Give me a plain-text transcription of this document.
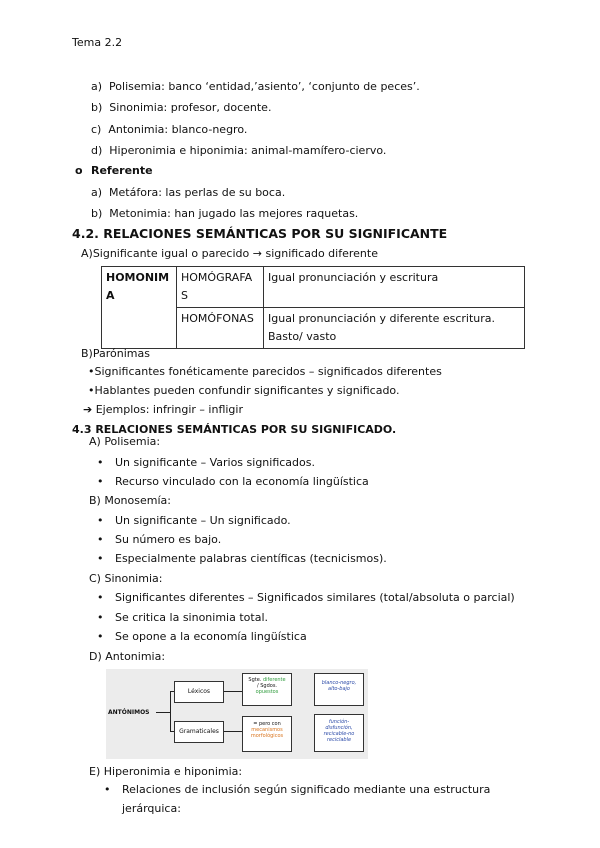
Tema 2.2
a) Polisemia: banco ‘entidad,’asiento’, ‘conjunto de peces’.
b) Sinonimia: profesor, docente.
c) Antonimia: blanco-negro.
d) Hiperonimia e hiponimia: animal-mamífero-ciervo.
o Referente
a) Metáfora: las perlas de su boca.
b) Metonimia: han jugado las mejores raquetas.
4.2. RELACIONES SEMÁNTICAS POR SU SIGNIFICANTE
A)Significante igual o parecido → significado diferente
HOMONIMA	HOMÓGRAFAS	Igual pronunciación y escritura
	HOMÓFONAS	Igual pronunciación y diferente escritura. Basto/ vasto
B)Parónimas
•Significantes fonéticamente parecidos – significados diferentes
•Hablantes pueden confundir significantes y significado.
➔ Ejemplos: infringir – infligir
4.3 RELACIONES SEMÁNTICAS POR SU SIGNIFICADO.
A) Polisemia:
• Un significante – Varios significados.
• Recurso vinculado con la economía lingüística
B) Monosemía:
• Un significante – Un significado.
• Su número es bajo.
• Especialmente palabras científicas (tecnicismos).
C) Sinonimia:
• Significantes diferentes – Significados similares (total/absoluta o parcial)
• Se critica la sinonimia total.
• Se opone a la economía lingüística
D) Antonimia:
ANTÓNIMOS
Léxicos
Gramaticales
Sgte. diferente
/ Sgdos.
opuestos
= pero con
mecanismos
morfológicos
blanco-negro, alto-bajo
función- disfunción, recicable-no reciclable
E) Hiperonimia e hiponimia:
• Relaciones de inclusión según significado mediante una estructura
jerárquica:
